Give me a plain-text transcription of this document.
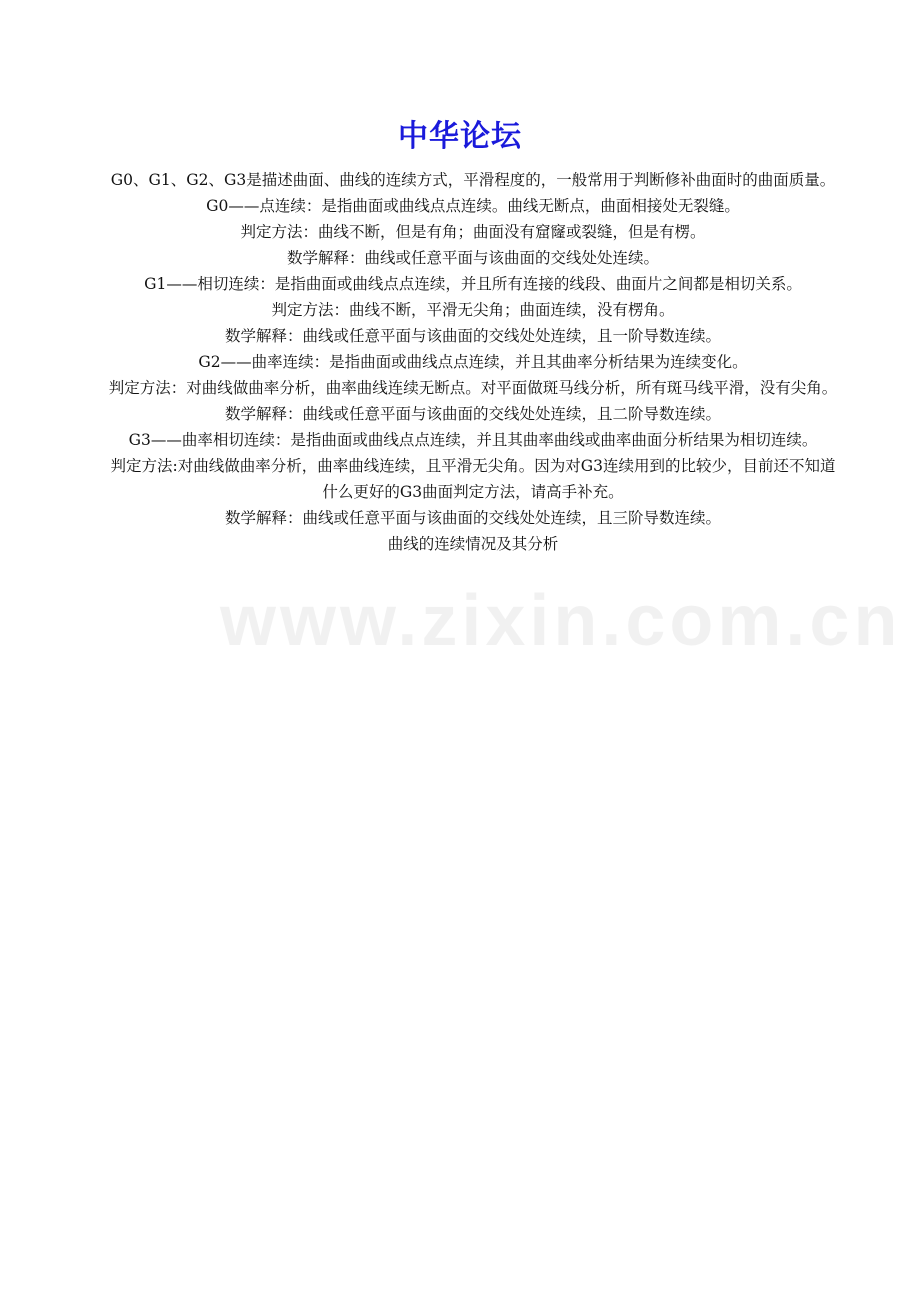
www.zixin.com.cn
中华论坛

G0、G1、G2、G3是描述曲面、曲线的连续方式，平滑程度的，一般常用于判断修补曲面时的曲面质量。

G0——点连续：是指曲面或曲线点点连续。曲线无断点，曲面相接处无裂缝。

判定方法：曲线不断，但是有角；曲面没有窟窿或裂缝，但是有楞。

数学解释：曲线或任意平面与该曲面的交线处处连续。

G1——相切连续：是指曲面或曲线点点连续，并且所有连接的线段、曲面片之间都是相切关系。

判定方法：曲线不断，平滑无尖角；曲面连续，没有楞角。

数学解释：曲线或任意平面与该曲面的交线处处连续，且一阶导数连续。

G2——曲率连续：是指曲面或曲线点点连续，并且其曲率分析结果为连续变化。

判定方法：对曲线做曲率分析，曲率曲线连续无断点。对平面做斑马线分析，所有斑马线平滑，没有尖角。

数学解释：曲线或任意平面与该曲面的交线处处连续，且二阶导数连续。

G3——曲率相切连续：是指曲面或曲线点点连续，并且其曲率曲线或曲率曲面分析结果为相切连续。

判定方法:对曲线做曲率分析，曲率曲线连续，且平滑无尖角。因为对G3连续用到的比较少，目前还不知道什么更好的G3曲面判定方法，请高手补充。

数学解释：曲线或任意平面与该曲面的交线处处连续，且三阶导数连续。

曲线的连续情况及其分析
